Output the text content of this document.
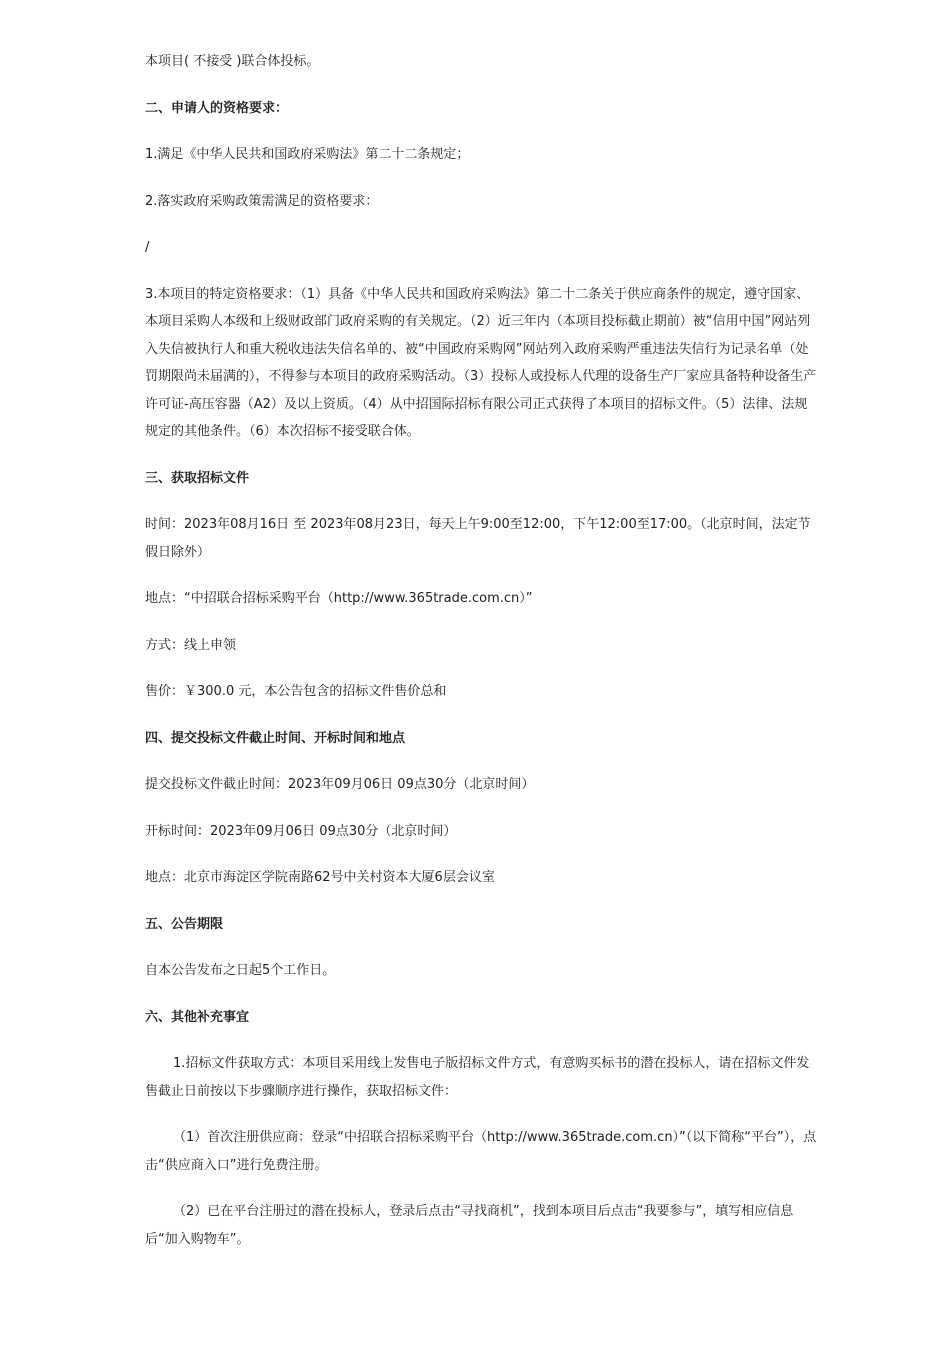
本项目( 不接受 )联合体投标。

二、申请人的资格要求：

1.满足《中华人民共和国政府采购法》第二十二条规定；

2.落实政府采购政策需满足的资格要求：

/

3.本项目的特定资格要求：（1）具备《中华人民共和国政府采购法》第二十二条关于供应商条件的规定，遵守国家、本项目采购人本级和上级财政部门政府采购的有关规定。（2）近三年内（本项目投标截止期前）被“信用中国”网站列入失信被执行人和重大税收违法失信名单的、被“中国政府采购网”网站列入政府采购严重违法失信行为记录名单（处罚期限尚未届满的），不得参与本项目的政府采购活动。（3）投标人或投标人代理的设备生产厂家应具备特种设备生产许可证-高压容器（A2）及以上资质。（4）从中招国际招标有限公司正式获得了本项目的招标文件。（5）法律、法规规定的其他条件。（6）本次招标不接受联合体。

三、获取招标文件

时间：2023年08月16日 至 2023年08月23日，每天上午9:00至12:00，下午12:00至17:00。（北京时间，法定节假日除外）

地点：“中招联合招标采购平台（http://www.365trade.com.cn）”

方式：线上申领

售价：￥300.0 元，本公告包含的招标文件售价总和

四、提交投标文件截止时间、开标时间和地点

提交投标文件截止时间：2023年09月06日 09点30分（北京时间）

开标时间：2023年09月06日 09点30分（北京时间）

地点：北京市海淀区学院南路62号中关村资本大厦6层会议室

五、公告期限

自本公告发布之日起5个工作日。

六、其他补充事宜

1.招标文件获取方式：本项目采用线上发售电子版招标文件方式，有意购买标书的潜在投标人，请在招标文件发售截止日前按以下步骤顺序进行操作，获取招标文件：

（1）首次注册供应商：登录“中招联合招标采购平台（http://www.365trade.com.cn）”（以下简称“平台”），点击“供应商入口”进行免费注册。

（2）已在平台注册过的潜在投标人，登录后点击“寻找商机”，找到本项目后点击“我要参与”，填写相应信息后“加入购物车”。
